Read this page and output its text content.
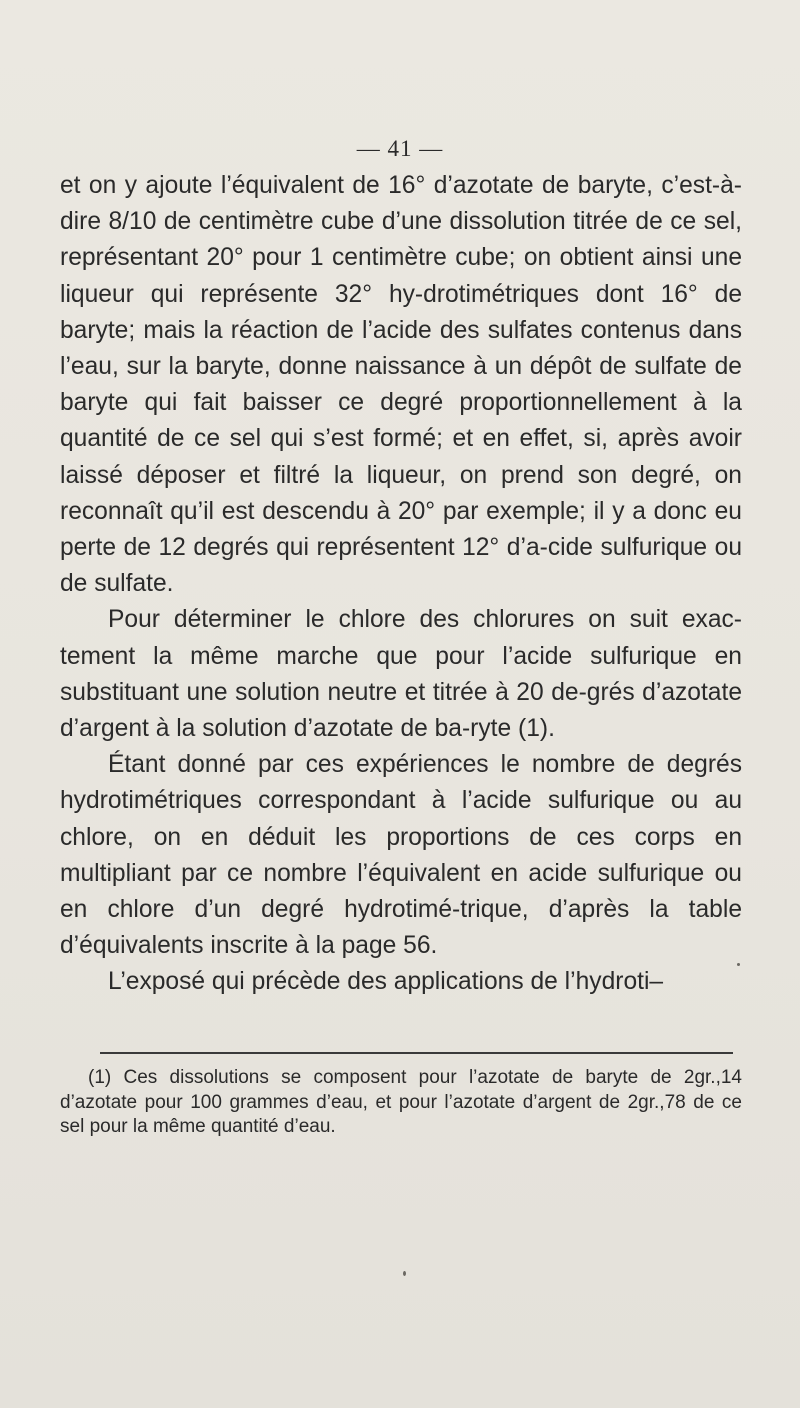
— 41 —

et on y ajoute l’équivalent de 16° d’azotate de baryte, c’est-à-dire 8/10 de centimètre cube d’une dissolution titrée de ce sel, représentant 20° pour 1 centimètre cube; on obtient ainsi une liqueur qui représente 32° hy-drotimétriques dont 16° de baryte; mais la réaction de l’acide des sulfates contenus dans l’eau, sur la baryte, donne naissance à un dépôt de sulfate de baryte qui fait baisser ce degré proportionnellement à la quantité de ce sel qui s’est formé; et en effet, si, après avoir laissé déposer et filtré la liqueur, on prend son degré, on reconnaît qu’il est descendu à 20° par exemple; il y a donc eu perte de 12 degrés qui représentent 12° d’a-cide sulfurique ou de sulfate.

Pour déterminer le chlore des chlorures on suit exac-tement la même marche que pour l’acide sulfurique en substituant une solution neutre et titrée à 20 de-grés d’azotate d’argent à la solution d’azotate de ba-ryte (1).

Étant donné par ces expériences le nombre de degrés hydrotimétriques correspondant à l’acide sulfurique ou au chlore, on en déduit les proportions de ces corps en multipliant par ce nombre l’équivalent en acide sulfurique ou en chlore d’un degré hydrotimé-trique, d’après la table d’équivalents inscrite à la page 56.

L’exposé qui précède des applications de l’hydroti–

(1) Ces dissolutions se composent pour l’azotate de baryte de 2gr.,14 d’azotate pour 100 grammes d’eau, et pour l’azotate d’argent de 2gr.,78 de ce sel pour la même quantité d’eau.
